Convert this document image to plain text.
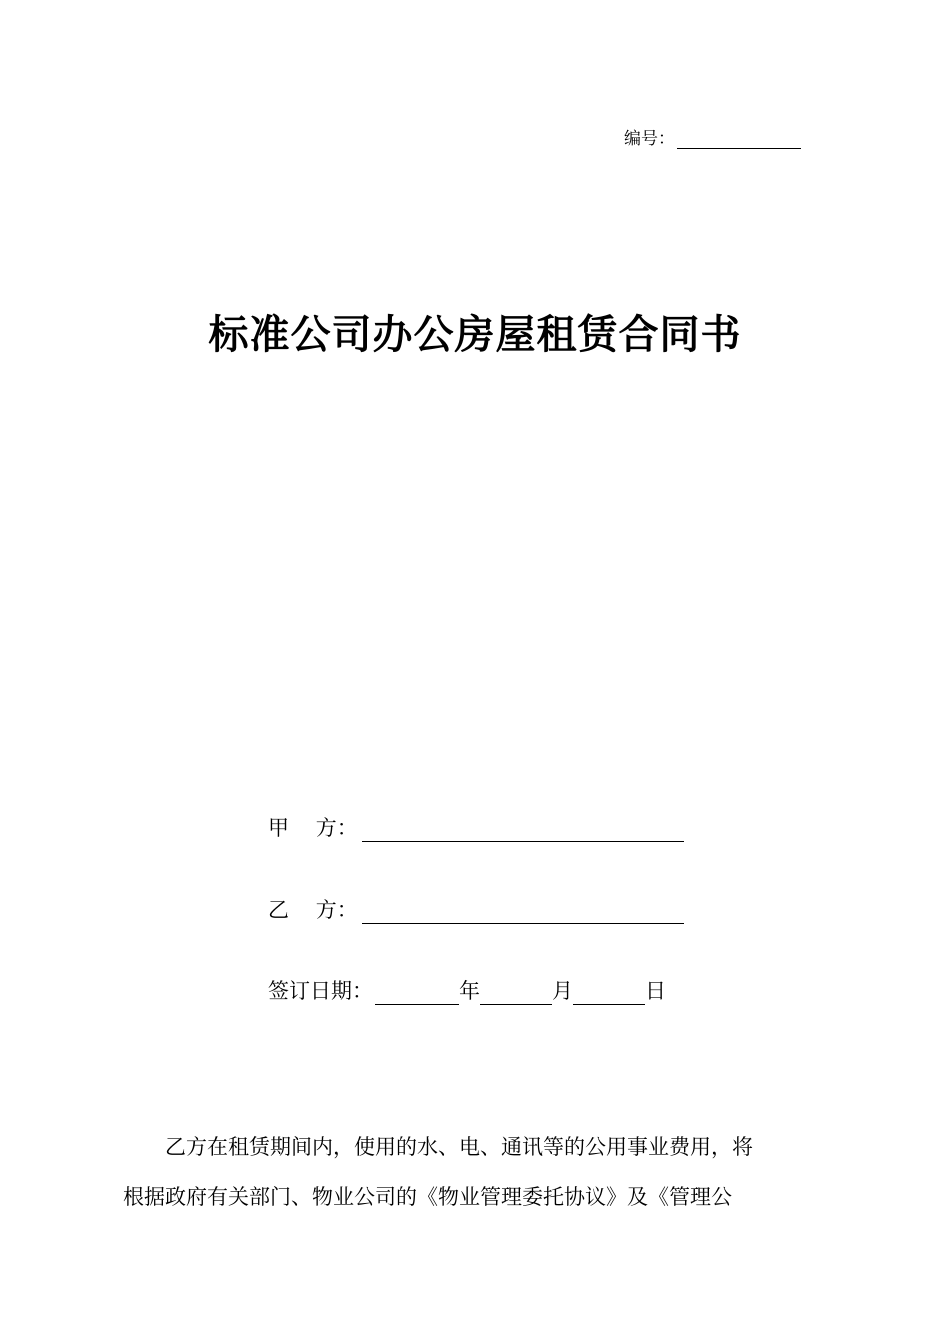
编号：
标准公司办公房屋租赁合同书
甲    方：
乙    方：
签订日期：	年	月	日
乙方在租赁期间内，使用的水、电、通讯等的公用事业费用，将
根据政府有关部门、物业公司的《物业管理委托协议》及《管理公
